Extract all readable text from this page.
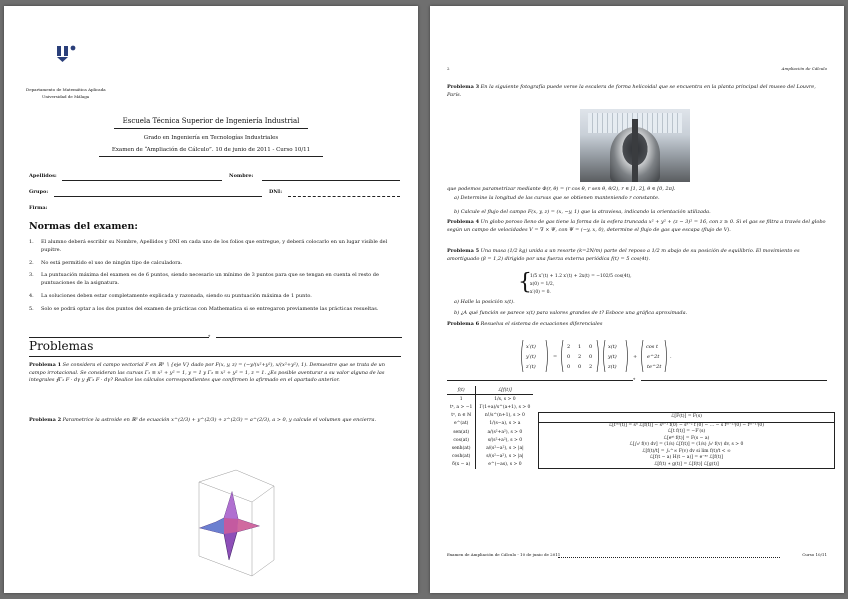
Departamento de Matemática Aplicada
Universidad de Málaga
Escuela Técnica Superior de Ingeniería Industrial
Grado en Ingeniería en Tecnologías Industriales
Examen de “Ampliación de Cálculo”. 10 de junio de 2011 - Curso 10/11
Apellidos:	Nombre:
Grupo:	DNI:
Firma:
Normas del examen:
1. El alumno deberá escribir su Nombre, Apellidos y DNI en cada uno de los folios que entregue, y deberá colocarlo en un lugar visible del pupitre.
2. No está permitido el uso de ningún tipo de calculadora.
3. La puntuación máxima del examen es de 6 puntos, siendo necesario un mínimo de 3 puntos para que se tengan en cuenta el resto de puntuaciones de la asignatura.
4. La soluciones deben estar completamente explicada y razonada, siendo su puntuación máxima de 1 punto.
5. Solo se podrá optar a los dos puntos del examen de prácticas con Mathematica si se entregaron previamente las prácticas resueltas.
⋄
Problemas
Problema 1 Se considera el campo vectorial F en ℝ³ ∖ {eje V} dado por F(x, y, z) = (−y/(x²+y²), x/(x²+y²), 1). Demuestre que se trata de un campo irrotacional. Se consideran las curvas Γ₁ ≡ x² + y² = 1, y = 1 y Γ₂ ≡ x² + y² = 1, z = 1. ¿Es posible aventurar a su valor alguna de las integrales ∮Γ₁ F · dγ y ∮Γ₂ F · dγ? Realice los cálculos correspondientes que confirmen lo afirmado en el apartado anterior.
Problema 2 Parametrice la astroide en ℝ³ de ecuación x^(2/3) + y^(2/3) + z^(2/3) = a^(2/3), a > 0, y calcule el volumen que encierra.
2	Ampliación de Cálculo
Problema 3 En la siguiente fotografía puede verse la escalera de forma helicoidal que se encuentra en la planta principal del museo del Louvre, París.
que podemos parametrizar mediante Φ(r, θ) = (r cos θ, r sen θ, θ/2), r ∈ [1, 2], θ ∈ [0, 2π].
a) Determine la longitud de las curvas que se obtienen manteniendo r constante.
b) Calcule el flujo del campo F(x, y, z) = (x, −y, 1) que la atraviesa, indicando la orientación utilizada.
Problema 4 Un globo poroso lleno de gas tiene la forma de la esfera truncada x² + y² + (z − 3)² = 16, con z ≥ 0. Si el gas se filtra a través del globo según un campo de velocidades V = ∇ × Ψ, con Ψ = (−y, x, 0), determine el flujo de gas que escapa (flujo de V).
Problema 5 Una masa (1/2 kg) unida a un resorte (k=2N/m) parte del reposo a 1/2 m abajo de su posición de equilibrio. El movimiento es amortiguado (β = 1,2) dirigido por una fuerza externa periódica f(t) = 5 cos(4t).
{
1/5 x″(t) + 1.2 x′(t) + 2x(t) = −102/5 cos(4t),
x(0) = 1/2,
x′(0) = 0.
a) Halle la posición x(t).
b) ¿A qué función se parece x(t) para valores grandes de t? Esboce una gráfica aproximada.
Problema 6 Resuelva el sistema de ecuaciones diferenciales
x′(t)
y′(t)
z′(t)
=
2 1 0
0 2 0
0 0 2
x(t)
y(t)
z(t)
+
cos t
e^2t
te^2t
.
⋄
f(t)	ℒ[f(t)]
1	1/s, s > 0
tᵃ, a > −1	Γ(1+a)/s^(a+1), s > 0
tⁿ, n ∈ ℕ	n!/s^(n+1), s > 0
e^(at)	1/(s−a), s > a
sen(at)	a/(s²+a²), s > 0
cos(at)	s/(s²+a²), s > 0
senh(at)	a/(s²−a²), s > |a|
cosh(at)	s/(s²−a²), s > |a|
δ(x − a)	e^(−as), s > 0
ℒ[F(t)] = F(s)
ℒ[f⁽ⁿ⁾(t)] = sⁿ ℒ[f(t)] − sⁿ⁻¹ f(0) − sⁿ⁻² f′(0) − … − s f⁽ⁿ⁻²⁾(0) − f⁽ⁿ⁻¹⁾(0)
ℒ[t f(t)] = −F′(s)
ℒ[eᵃᵗ f(t)] = F(s − a)
ℒ[∫₀ᵗ f(v) dv] = (1/s) ℒ[f(t)] = (1/s) ∫₀ᵗ f(v) dv, s > 0
ℒ[f(t)/t] = ∫ₛ^∞ F(v) dv si lim f(t)/t < ∞
ℒ[f(t − a) H(t − a)] = e⁻ᵃˢ ℒ[f(t)]
ℒ[f(t) ∗ g(t)] = ℒ[f(t)] ℒ[g(t)]
Examen de Ampliación de Cálculo - 10 de junio de 2011	Curso 10/11
